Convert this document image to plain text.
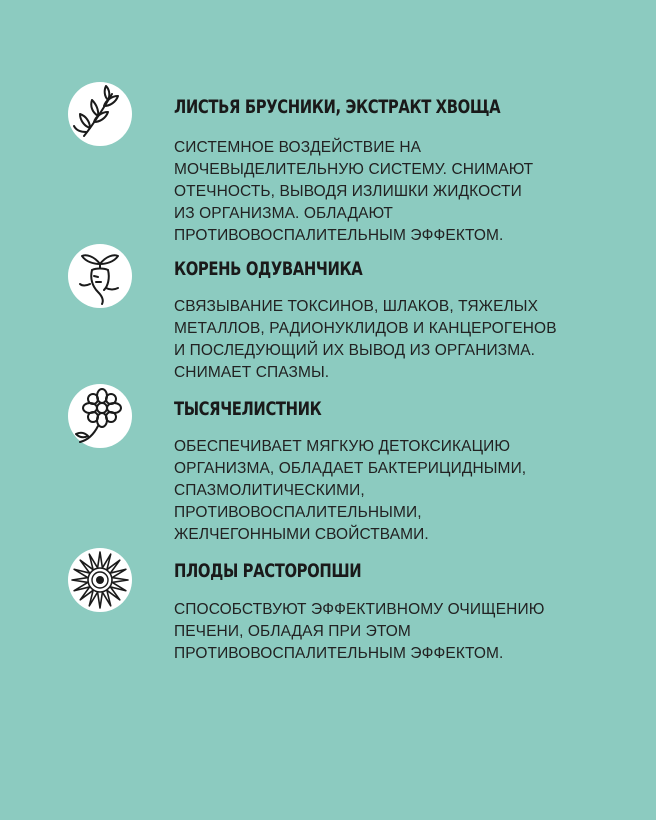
ЛИСТЬЯ БРУСНИКИ, ЭКСТРАКТ ХВОЩА
СИСТЕМНОЕ ВОЗДЕЙСТВИЕ НА
МОЧЕВЫДЕЛИТЕЛЬНУЮ СИСТЕМУ. СНИМАЮТ
ОТЕЧНОСТЬ, ВЫВОДЯ ИЗЛИШКИ ЖИДКОСТИ
ИЗ ОРГАНИЗМА. ОБЛАДАЮТ
ПРОТИВОВОСПАЛИТЕЛЬНЫМ ЭФФЕКТОМ.
КОРЕНЬ ОДУВАНЧИКА
СВЯЗЫВАНИЕ ТОКСИНОВ, ШЛАКОВ, ТЯЖЕЛЫХ
МЕТАЛЛОВ, РАДИОНУКЛИДОВ И КАНЦЕРОГЕНОВ
И ПОСЛЕДУЮЩИЙ ИХ ВЫВОД ИЗ ОРГАНИЗМА.
СНИМАЕТ СПАЗМЫ.
ТЫСЯЧЕЛИСТНИК
ОБЕСПЕЧИВАЕТ МЯГКУЮ ДЕТОКСИКАЦИЮ
ОРГАНИЗМА, ОБЛАДАЕТ БАКТЕРИЦИДНЫМИ,
СПАЗМОЛИТИЧЕСКИМИ,
ПРОТИВОВОСПАЛИТЕЛЬНЫМИ,
ЖЕЛЧЕГОННЫМИ СВОЙСТВАМИ.
ПЛОДЫ РАСТОРОПШИ
СПОСОБСТВУЮТ ЭФФЕКТИВНОМУ ОЧИЩЕНИЮ
ПЕЧЕНИ, ОБЛАДАЯ ПРИ ЭТОМ
ПРОТИВОВОСПАЛИТЕЛЬНЫМ ЭФФЕКТОМ.
